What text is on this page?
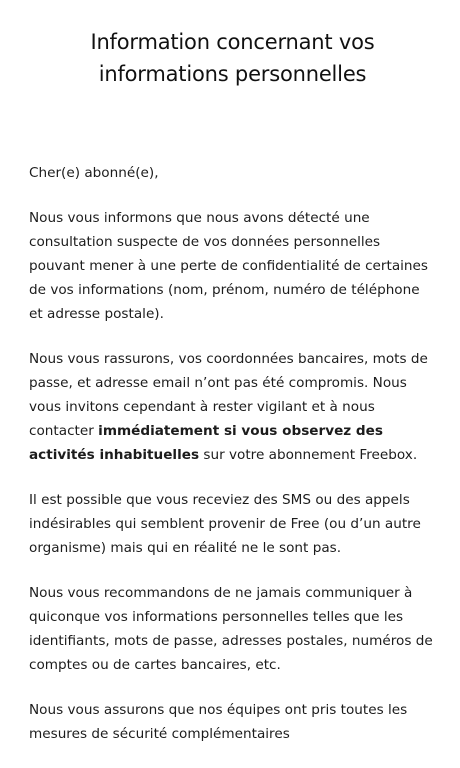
Information concernant vos
informations personnelles

Cher(e) abonné(e),

Nous vous informons que nous avons détecté une consultation suspecte de vos données personnelles pouvant mener à une perte de confidentialité de certaines de vos informations (nom, prénom, numéro de téléphone et adresse postale).

Nous vous rassurons, vos coordonnées bancaires, mots de passe, et adresse email n’ont pas été compromis. Nous vous invitons cependant à rester vigilant et à nous contacter immédiatement si vous observez des activités inhabituelles sur votre abonnement Freebox.

Il est possible que vous receviez des SMS ou des appels indésirables qui semblent provenir de Free (ou d’un autre organisme) mais qui en réalité ne le sont pas.

Nous vous recommandons de ne jamais communiquer à quiconque vos informations personnelles telles que les identifiants, mots de passe, adresses postales, numéros de comptes ou de cartes bancaires, etc.

Nous vous assurons que nos équipes ont pris toutes les mesures de sécurité complémentaires
